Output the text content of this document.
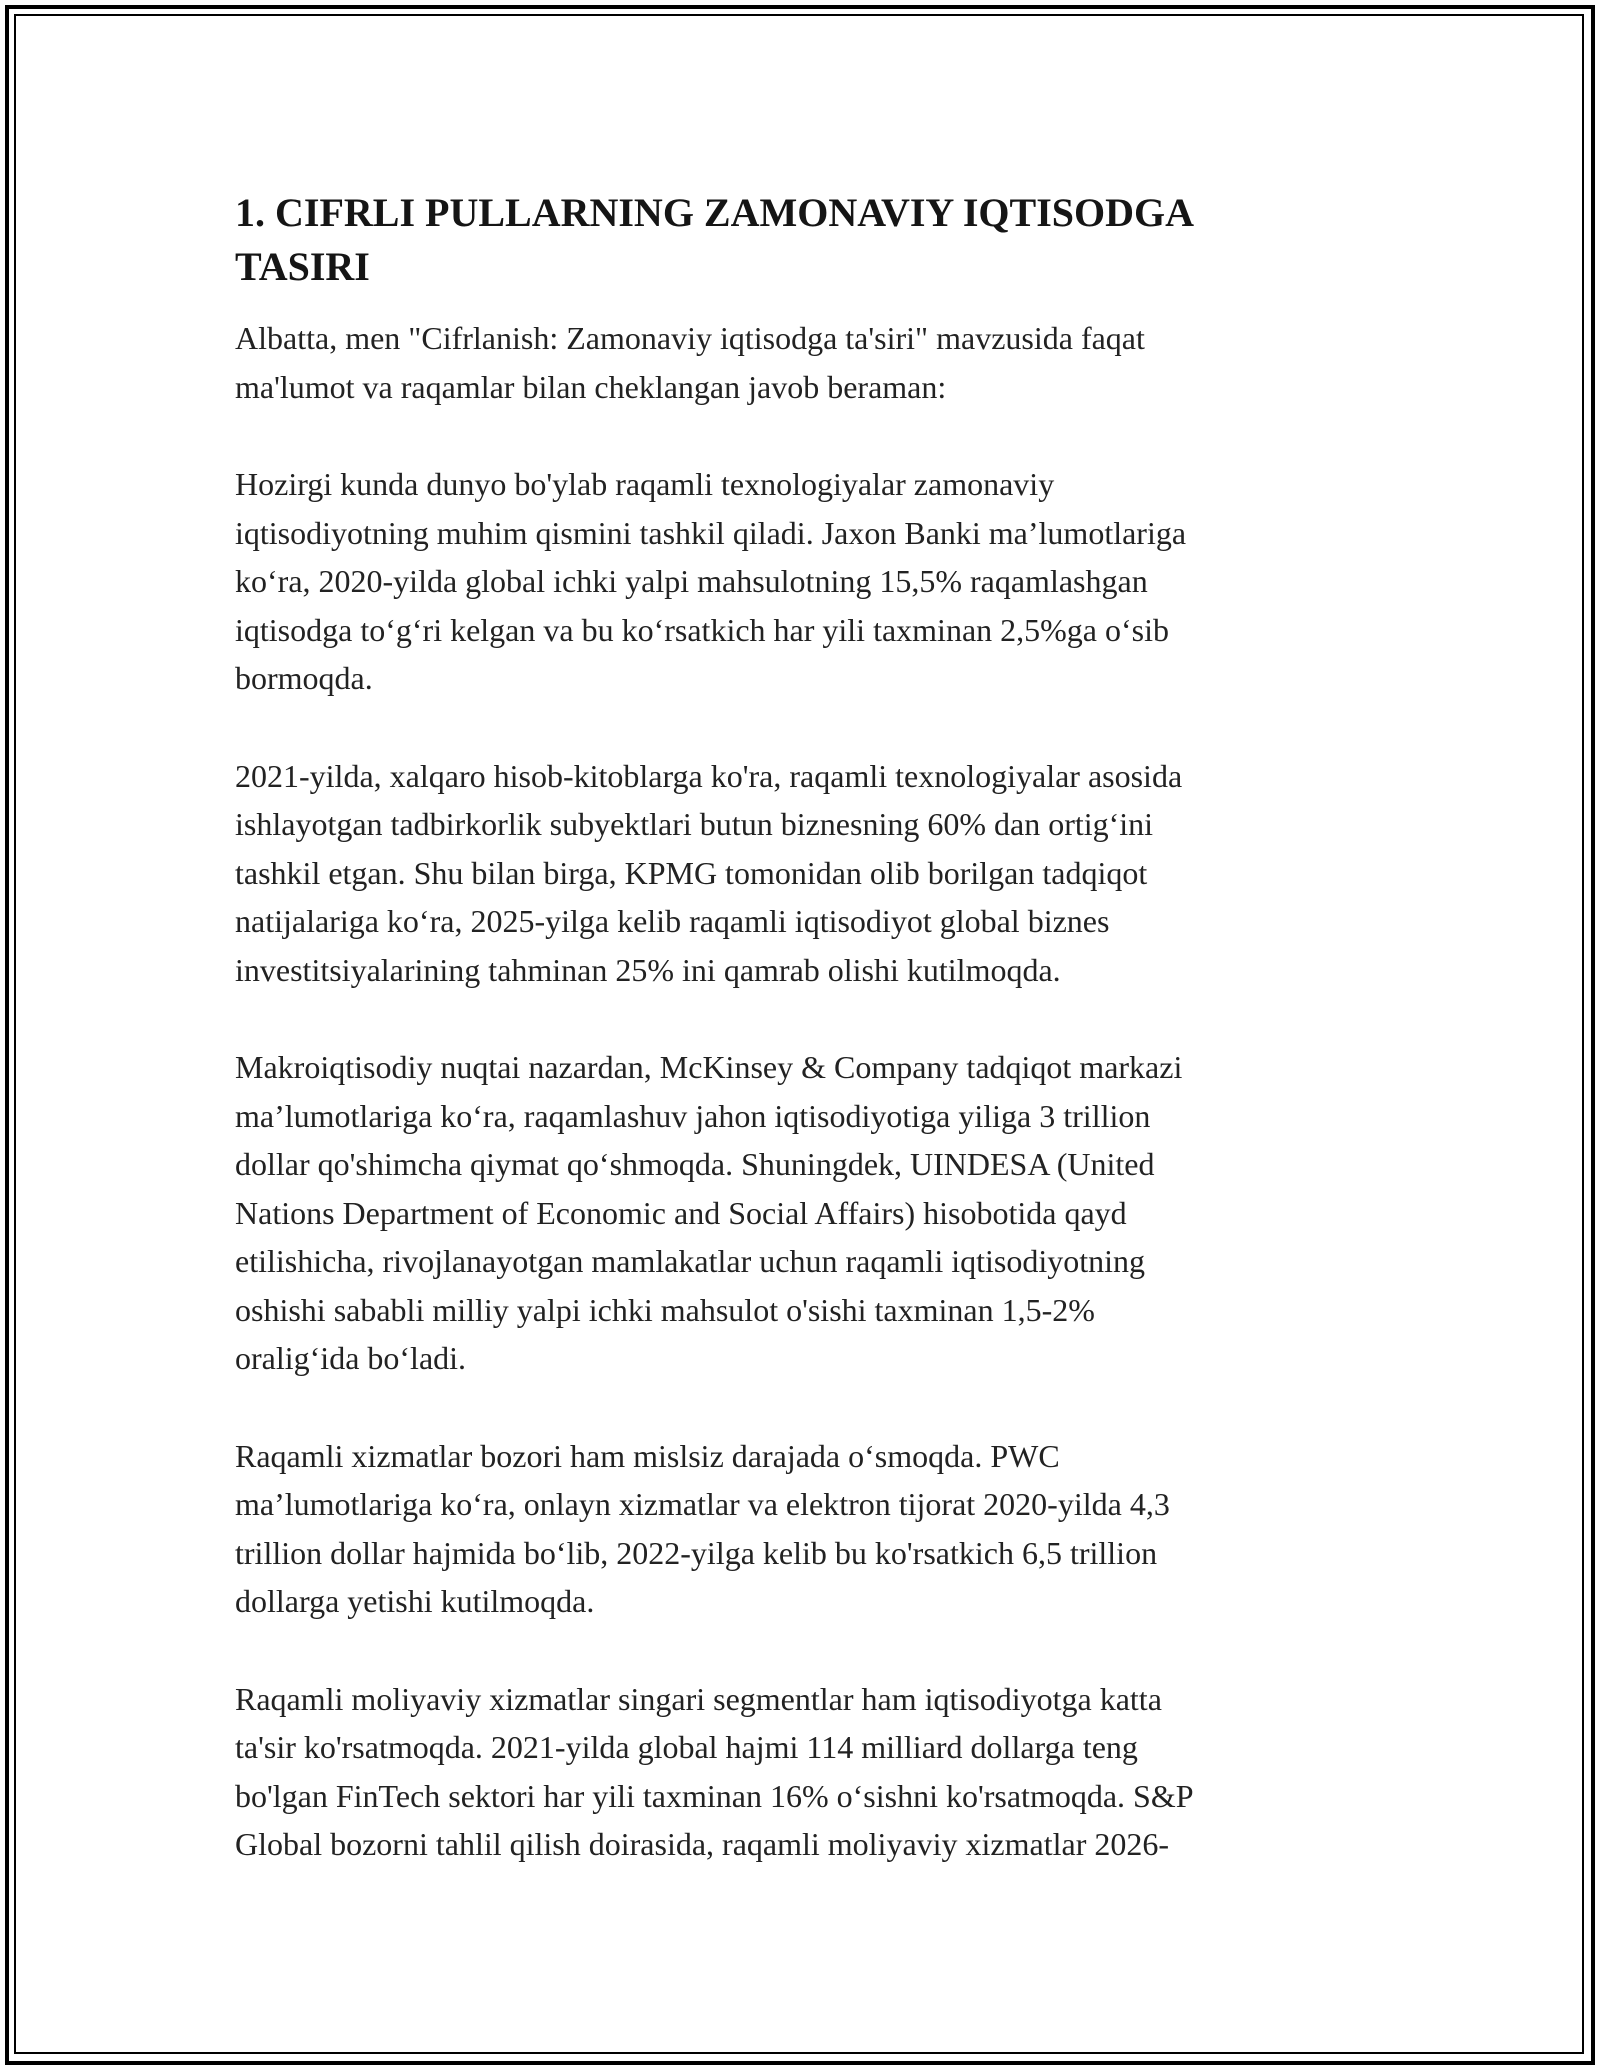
1. CIFRLI PULLARNING ZAMONAVIY IQTISODGA
TASIRI

Albatta, men "Cifrlanish: Zamonaviy iqtisodga ta'siri" mavzusida faqat
ma'lumot va raqamlar bilan cheklangan javob beraman:

Hozirgi kunda dunyo bo'ylab raqamli texnologiyalar zamonaviy
iqtisodiyotning muhim qismini tashkil qiladi. Jaxon Banki ma’lumotlariga
ko‘ra, 2020-yilda global ichki yalpi mahsulotning 15,5% raqamlashgan
iqtisodga to‘g‘ri kelgan va bu ko‘rsatkich har yili taxminan 2,5%ga o‘sib
bormoqda.

2021-yilda, xalqaro hisob-kitoblarga ko'ra, raqamli texnologiyalar asosida
ishlayotgan tadbirkorlik subyektlari butun biznesning 60% dan ortig‘ini
tashkil etgan. Shu bilan birga, KPMG tomonidan olib borilgan tadqiqot
natijalariga ko‘ra, 2025-yilga kelib raqamli iqtisodiyot global biznes
investitsiyalarining tahminan 25% ini qamrab olishi kutilmoqda.

Makroiqtisodiy nuqtai nazardan, McKinsey & Company tadqiqot markazi
ma’lumotlariga ko‘ra, raqamlashuv jahon iqtisodiyotiga yiliga 3 trillion
dollar qo'shimcha qiymat qo‘shmoqda. Shuningdek, UINDESA (United
Nations Department of Economic and Social Affairs) hisobotida qayd
etilishicha, rivojlanayotgan mamlakatlar uchun raqamli iqtisodiyotning
oshishi sababli milliy yalpi ichki mahsulot o'sishi taxminan 1,5-2%
oralig‘ida bo‘ladi.

Raqamli xizmatlar bozori ham mislsiz darajada o‘smoqda. PWC
ma’lumotlariga ko‘ra, onlayn xizmatlar va elektron tijorat 2020-yilda 4,3
trillion dollar hajmida bo‘lib, 2022-yilga kelib bu ko'rsatkich 6,5 trillion
dollarga yetishi kutilmoqda.

Raqamli moliyaviy xizmatlar singari segmentlar ham iqtisodiyotga katta
ta'sir ko'rsatmoqda. 2021-yilda global hajmi 114 milliard dollarga teng
bo'lgan FinTech sektori har yili taxminan 16% o‘sishni ko'rsatmoqda. S&P
Global bozorni tahlil qilish doirasida, raqamli moliyaviy xizmatlar 2026-
